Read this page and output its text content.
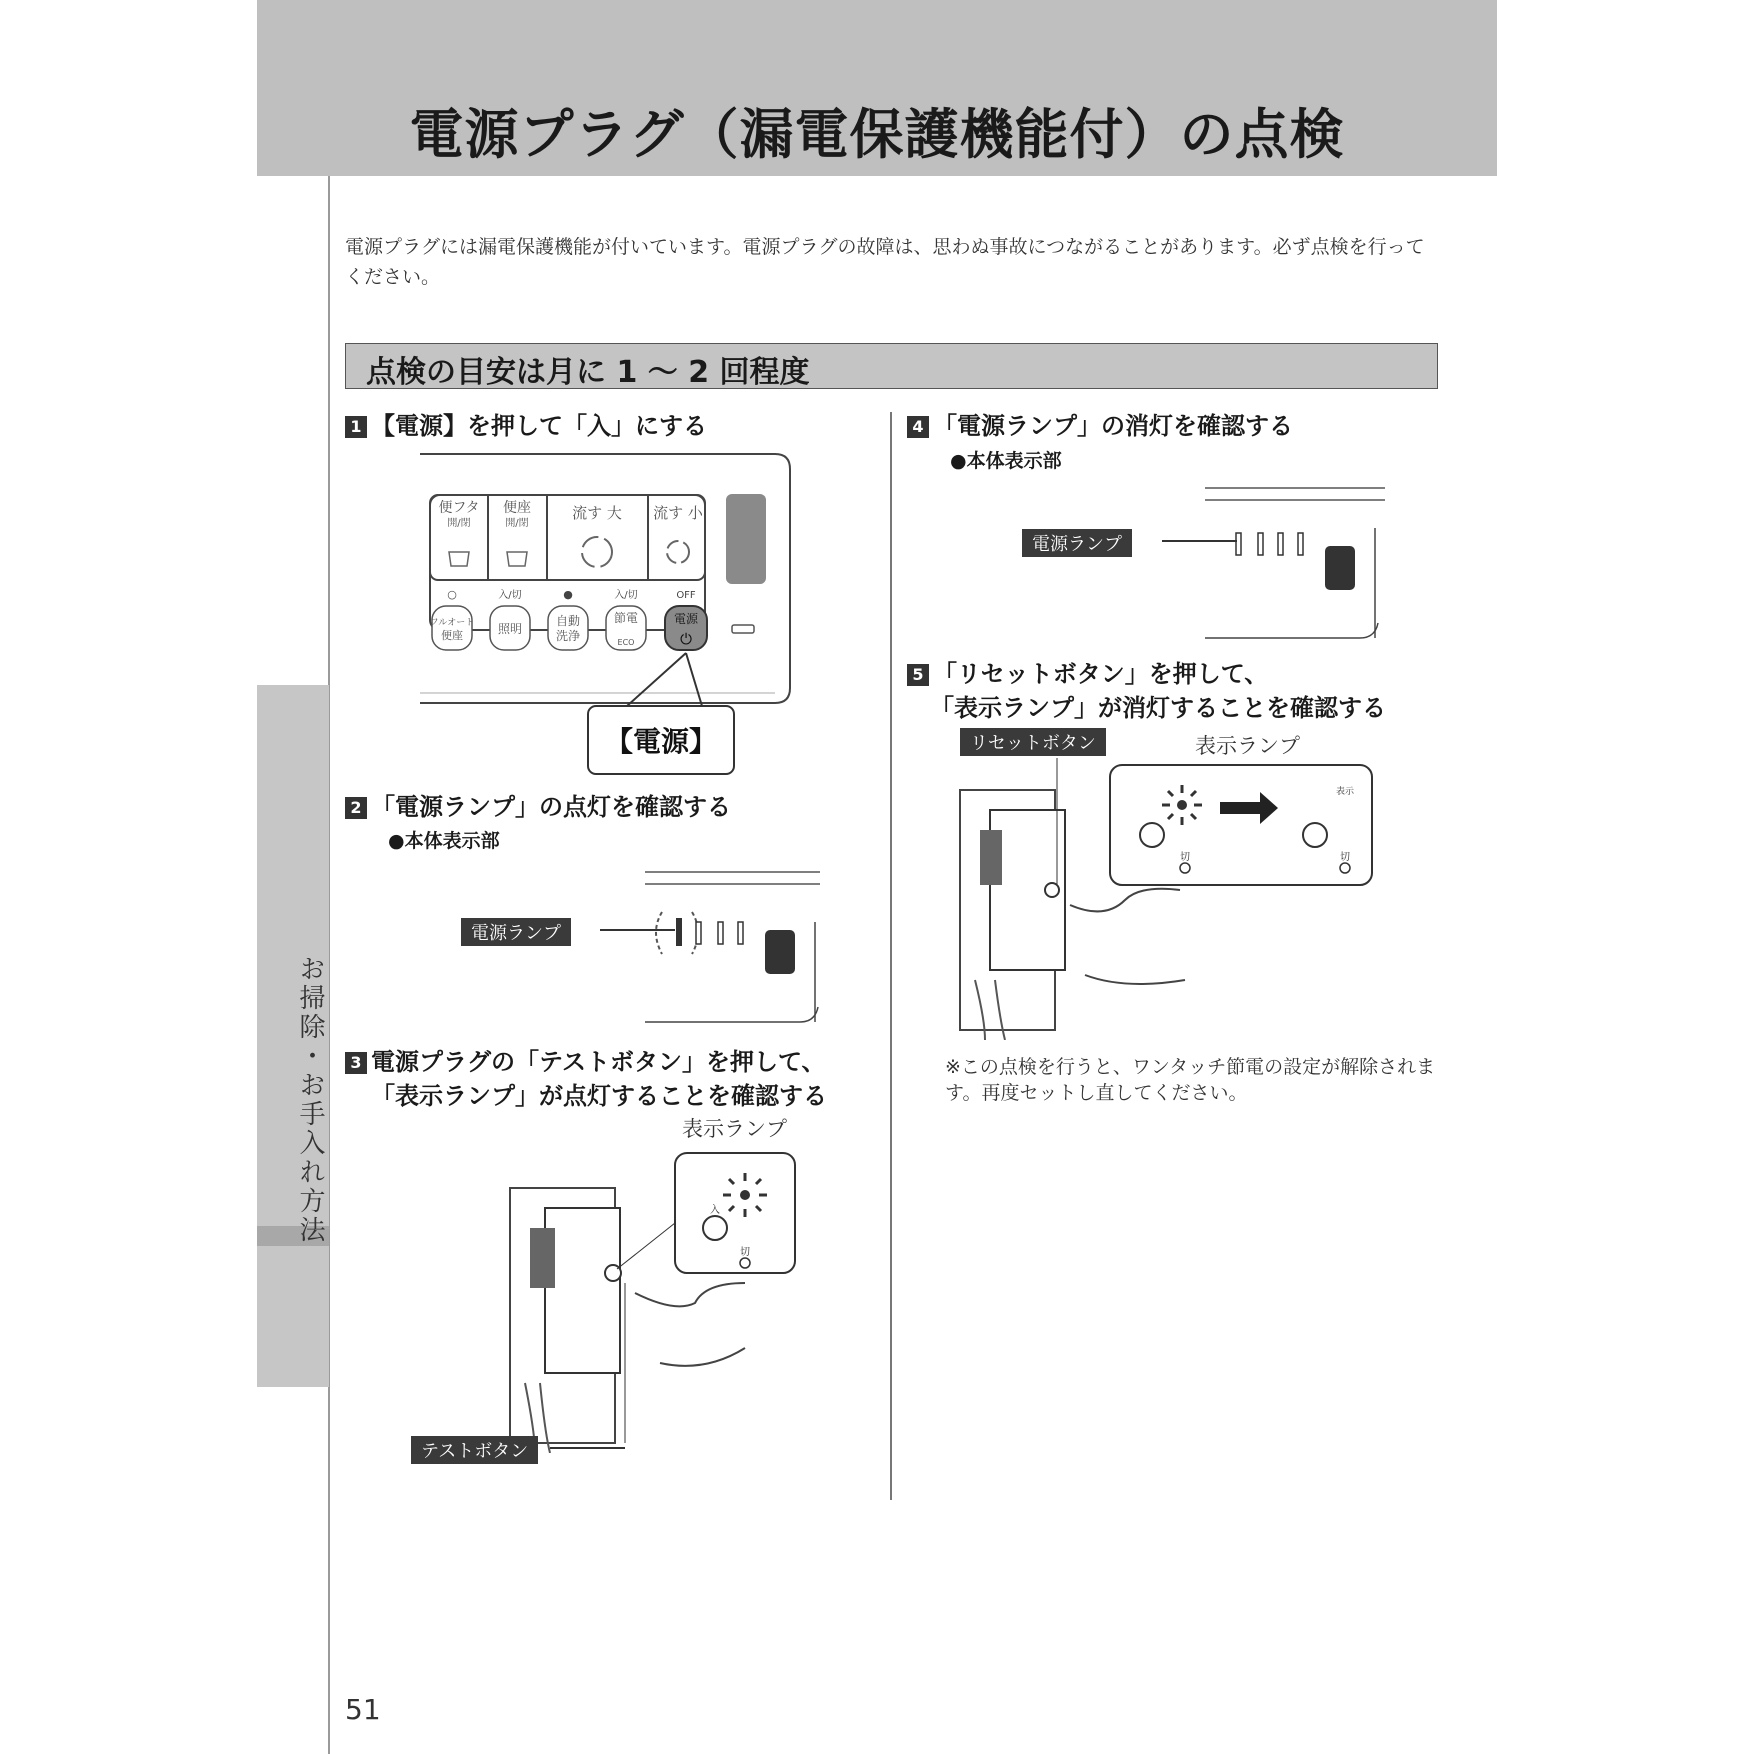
電源プラグ（漏電保護機能付）の点検
お掃除・お手入れ方法
電源プラグには漏電保護機能が付いています。電源プラグの故障は、思わぬ事故につながることがあります。必ず点検を行ってください。
点検の目安は月に 1 ～ 2 回程度
1 【電源】を押して「入」にする
便フタ
開/閉
便座
開/閉
流す 大 流す 小
○	入/切	●	入/切	OFF
フルオート
便座	照明
自動
洗浄
節電
ECO
電源
⏻
【電源】
2 「電源ランプ」の点灯を確認する
●本体表示部
電源ランプ
3 電源プラグの「テストボタン」を押して、
「表示ランプ」が点灯することを確認する
表示ランプ
入
切
テストボタン
4 「電源ランプ」の消灯を確認する
●本体表示部
電源ランプ
5 「リセットボタン」を押して、
「表示ランプ」が消灯することを確認する
リセットボタン	表示ランプ
切
表示
切
※この点検を行うと、ワンタッチ節電の設定が解除されます。再度セットし直してください。
51
